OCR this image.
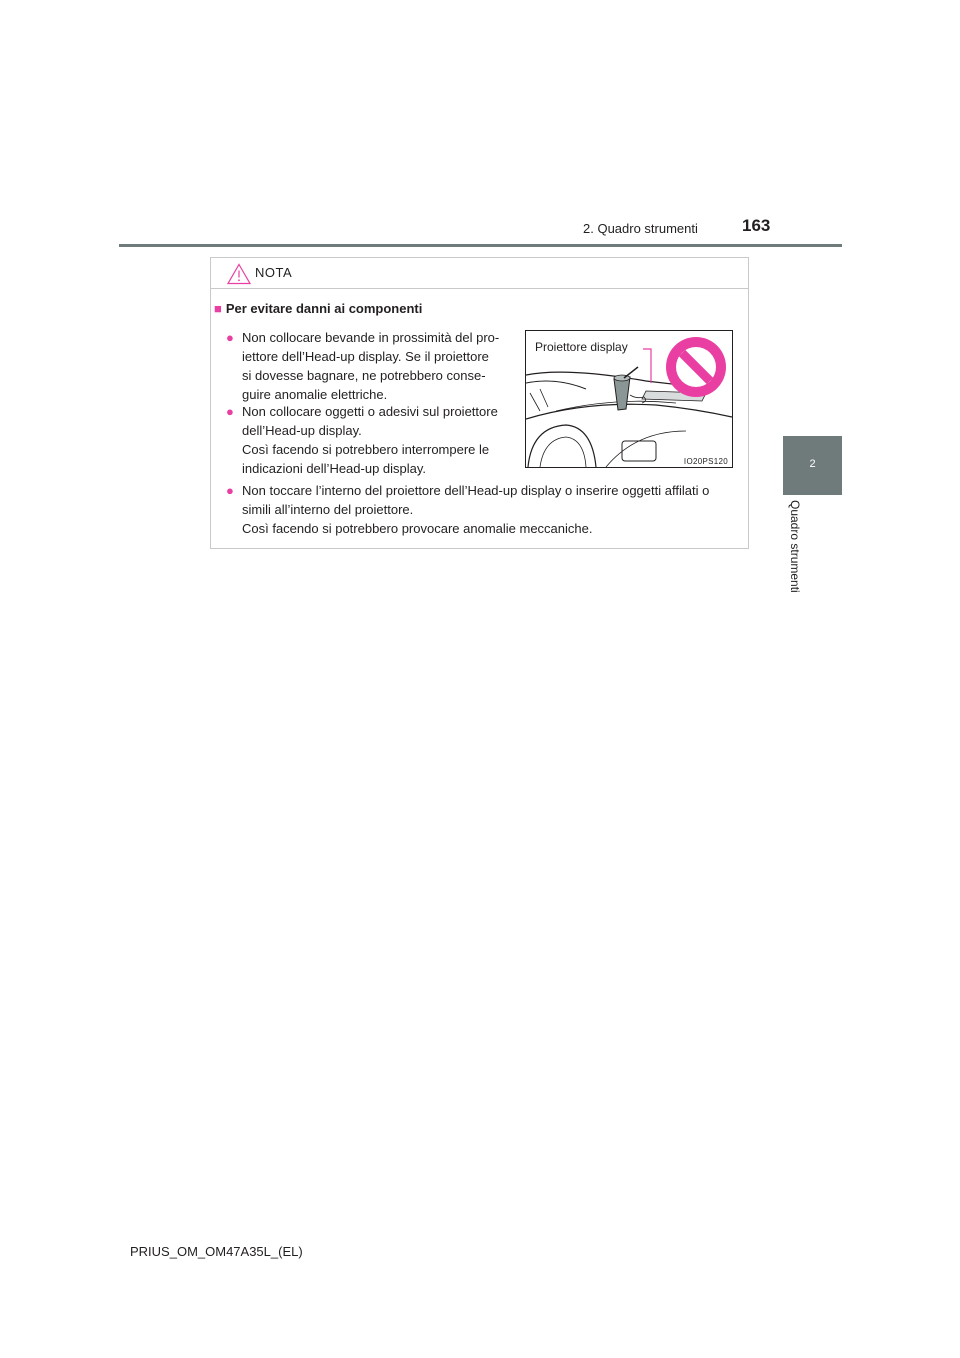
2. Quadro strumenti	163
2
Quadro strumenti
NOTA
■ Per evitare danni ai componenti
● Non collocare bevande in prossimità del pro-
iettore dell’Head-up display. Se il proiettore
si dovesse bagnare, ne potrebbero conse-
guire anomalie elettriche.
● Non collocare oggetti o adesivi sul proiettore
dell’Head-up display.
Così facendo si potrebbero interrompere le
indicazioni dell’Head-up display.
● Non toccare l’interno del proiettore dell’Head-up display o inserire oggetti affilati o
simili all’interno del proiettore.
Così facendo si potrebbero provocare anomalie meccaniche.
Proiettore display
IO20PS120
PRIUS_OM_OM47A35L_(EL)
